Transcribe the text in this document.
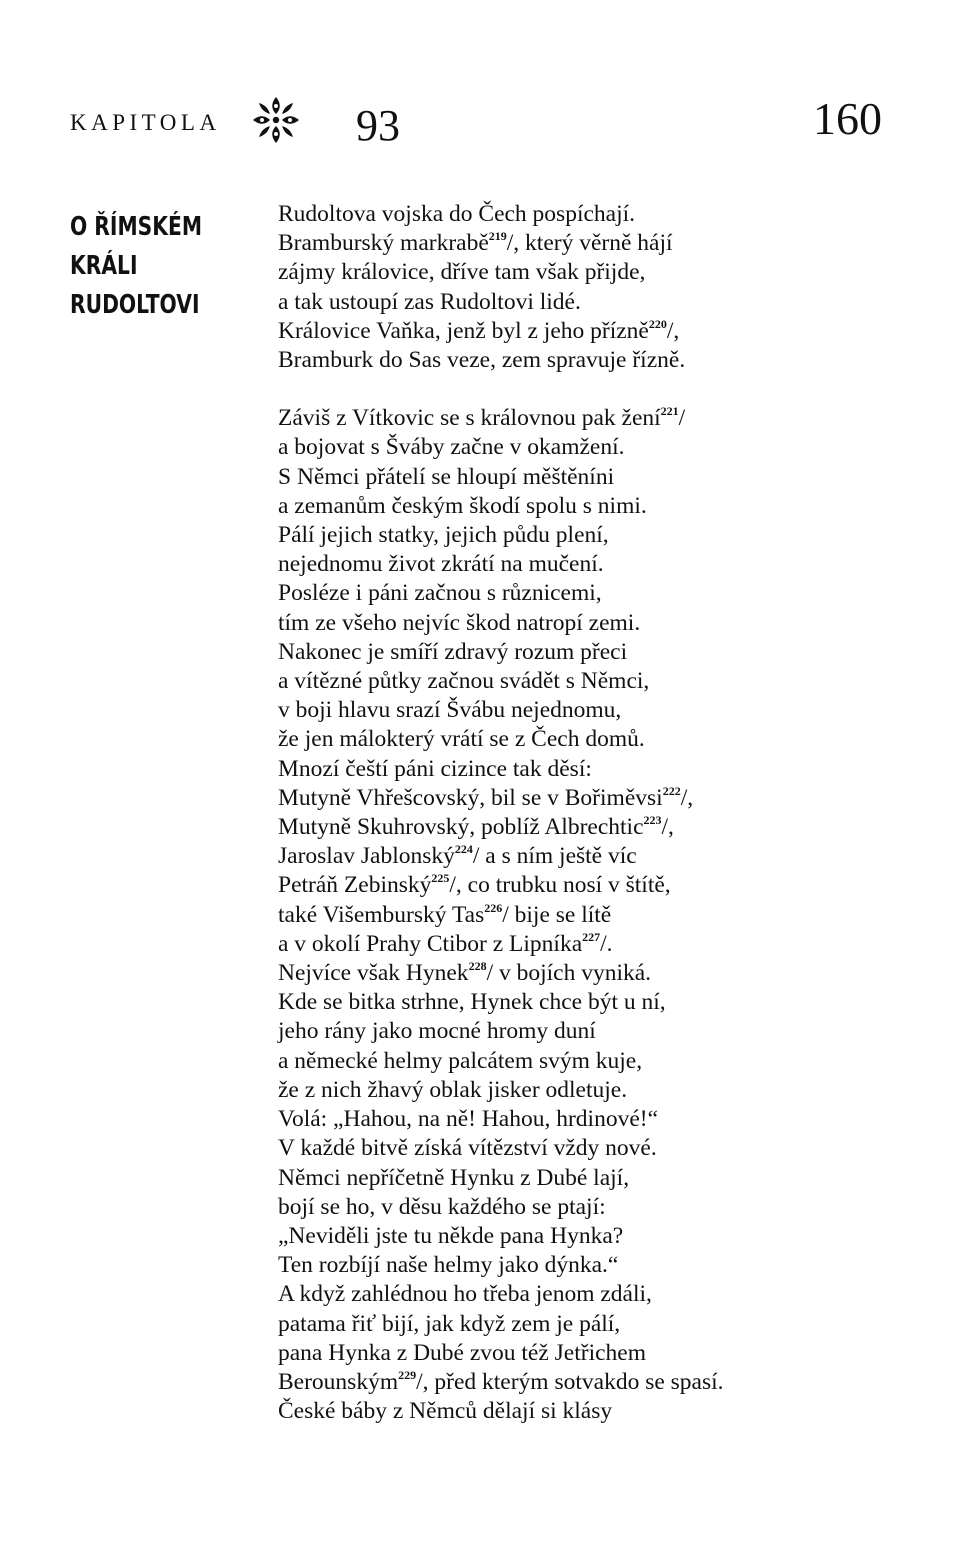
KAPITOLA	93	160
O ŘÍMSKÉM
KRÁLI
RUDOLTOVI
Rudoltova vojska do Čech pospíchají.
Bramburský markrabě$^{219}$/, který věrně hájí
zájmy královice, dříve tam však přijde,
a tak ustoupí zas Rudoltovi lidé.
Královice Vaňka, jenž byl z jeho přízně$^{220}$/,
Bramburk do Sas veze, zem spravuje řízně.
Záviš z Vítkovic se s královnou pak žení$^{221}$/
a bojovat s Šváby začne v okamžení.
S Němci přátelí se hloupí měštěníni
a zemanům českým škodí spolu s nimi.
Pálí jejich statky, jejich půdu plení,
nejednomu život zkrátí na mučení.
Posléze i páni začnou s různicemi,
tím ze všeho nejvíc škod natropí zemi.
Nakonec je smíří zdravý rozum přeci
a vítězné půtky začnou svádět s Němci,
v boji hlavu srazí Švábu nejednomu,
že jen málokterý vrátí se z Čech domů.
Mnozí čeští páni cizince tak děsí:
Mutyně Vhřešcovský, bil se v Bořiměvsi$^{222}$/,
Mutyně Skuhrovský, poblíž Albrechtic$^{223}$/,
Jaroslav Jablonský$^{224}$/ a s ním ještě víc
Petráň Zebinský$^{225}$/, co trubku nosí v štítě,
také Višemburský Tas$^{226}$/ bije se lítě
a v okolí Prahy Ctibor z Lipníka$^{227}$/.
Nejvíce však Hynek$^{228}$/ v bojích vyniká.
Kde se bitka strhne, Hynek chce být u ní,
jeho rány jako mocné hromy duní
a německé helmy palcátem svým kuje,
že z nich žhavý oblak jisker odletuje.
Volá: „Hahou, na ně! Hahou, hrdinové!“
V každé bitvě získá vítězství vždy nové.
Němci nepříčetně Hynku z Dubé lají,
bojí se ho, v děsu každého se ptají:
„Neviděli jste tu někde pana Hynka?
Ten rozbíjí naše helmy jako dýnka.“
A když zahlédnou ho třeba jenom zdáli,
patama řiť bijí, jak když zem je pálí,
pana Hynka z Dubé zvou též Jetřichem
Berounským$^{229}$/, před kterým sotvakdo se spasí.
České báby z Němců dělají si klásy
